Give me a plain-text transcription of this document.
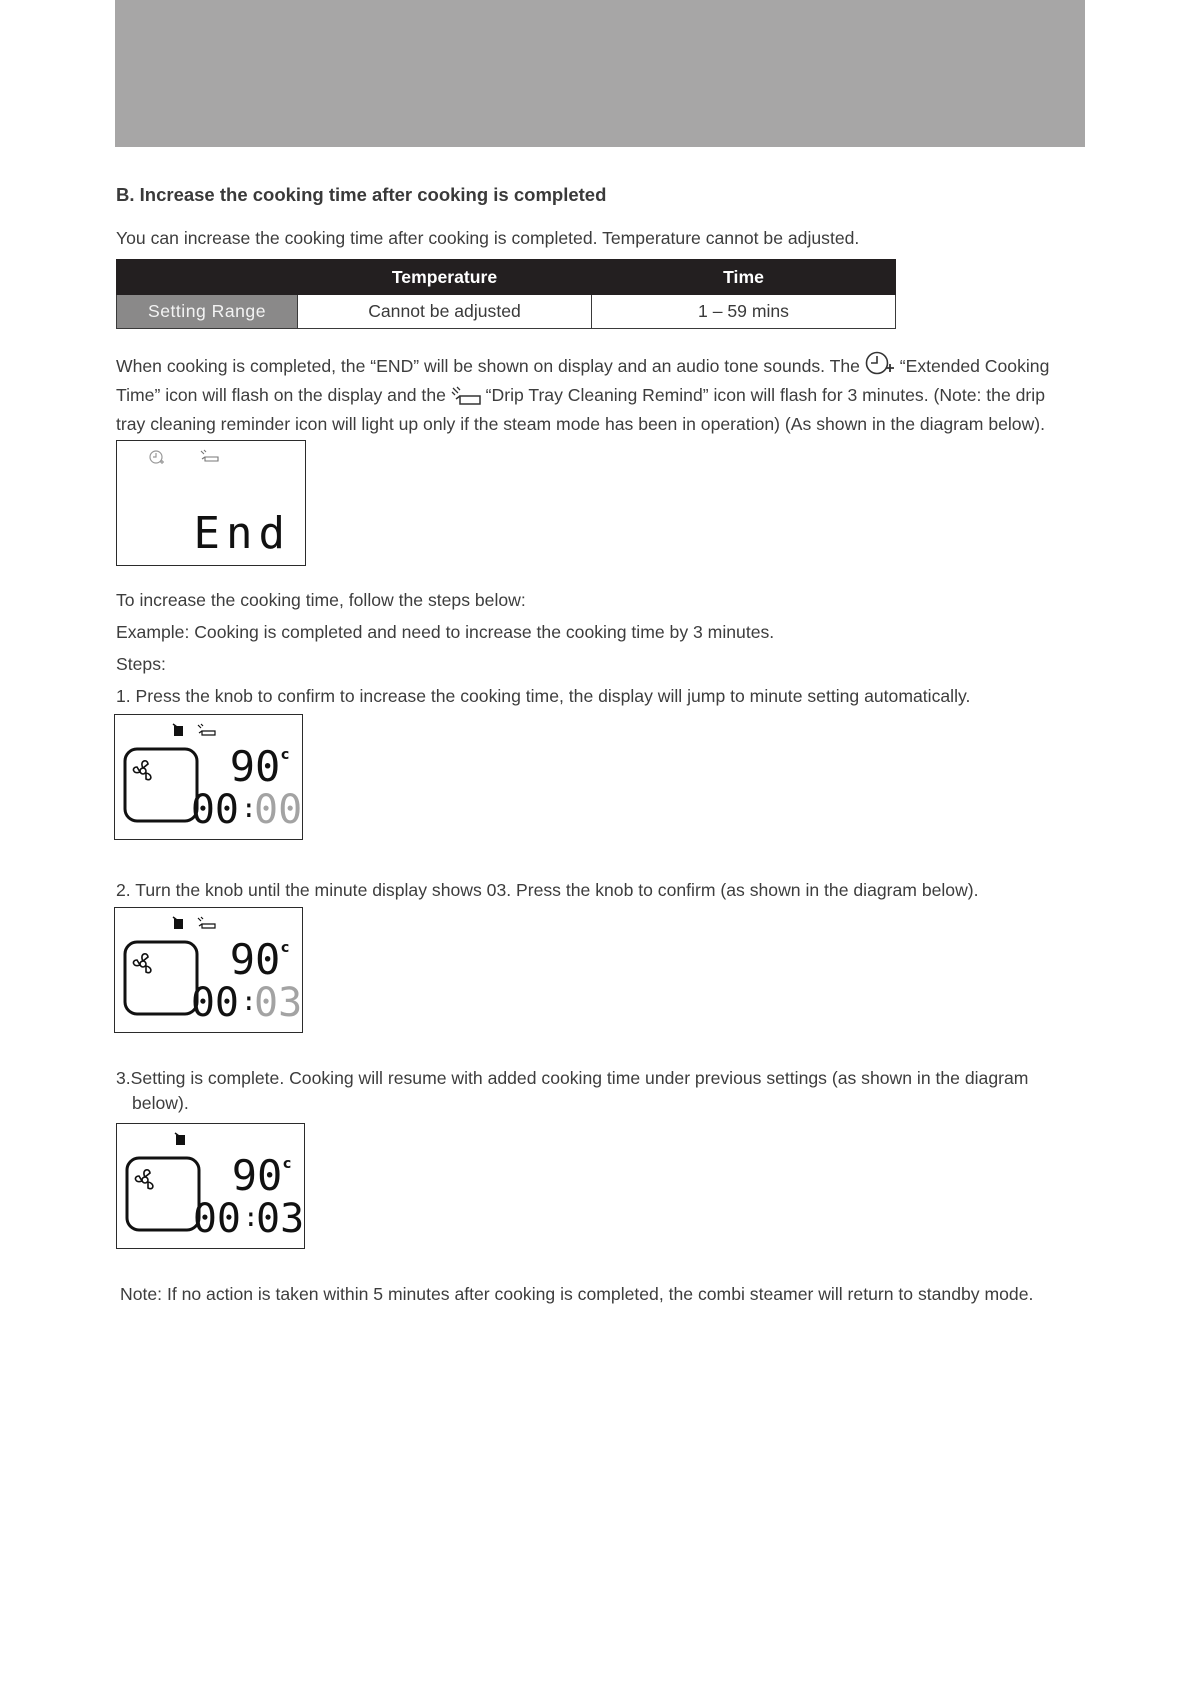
B. Increase the cooking time after cooking is completed
You can increase the cooking time after cooking is completed. Temperature cannot be adjusted.
	Temperature	Time
Setting Range	Cannot be adjusted	1 – 59 mins
When cooking is completed, the “END” will be shown on display and an audio tone sounds. The “Extended Cooking Time” icon will flash on the display and the “Drip Tray Cleaning Remind” icon will flash for 3 minutes. (Note: the drip tray cleaning reminder icon will light up only if the steam mode has been in operation) (As shown in the diagram below).
End
To increase the cooking time, follow the steps below:
Example: Cooking is completed and need to increase the cooking time by 3 minutes.
Steps:
1. Press the knob to confirm to increase the cooking time, the display will jump to minute setting automatically.
90 c
00 :
00
2. Turn the knob until the minute display shows 03. Press the knob to confirm (as shown in the diagram below).
90 c
00 :
03
3.Setting is complete. Cooking will resume with added cooking time under previous settings (as shown in the diagram
below).
90 c
00 :
03
Note: If no action is taken within 5 minutes after cooking is completed, the combi steamer will return to standby mode.
